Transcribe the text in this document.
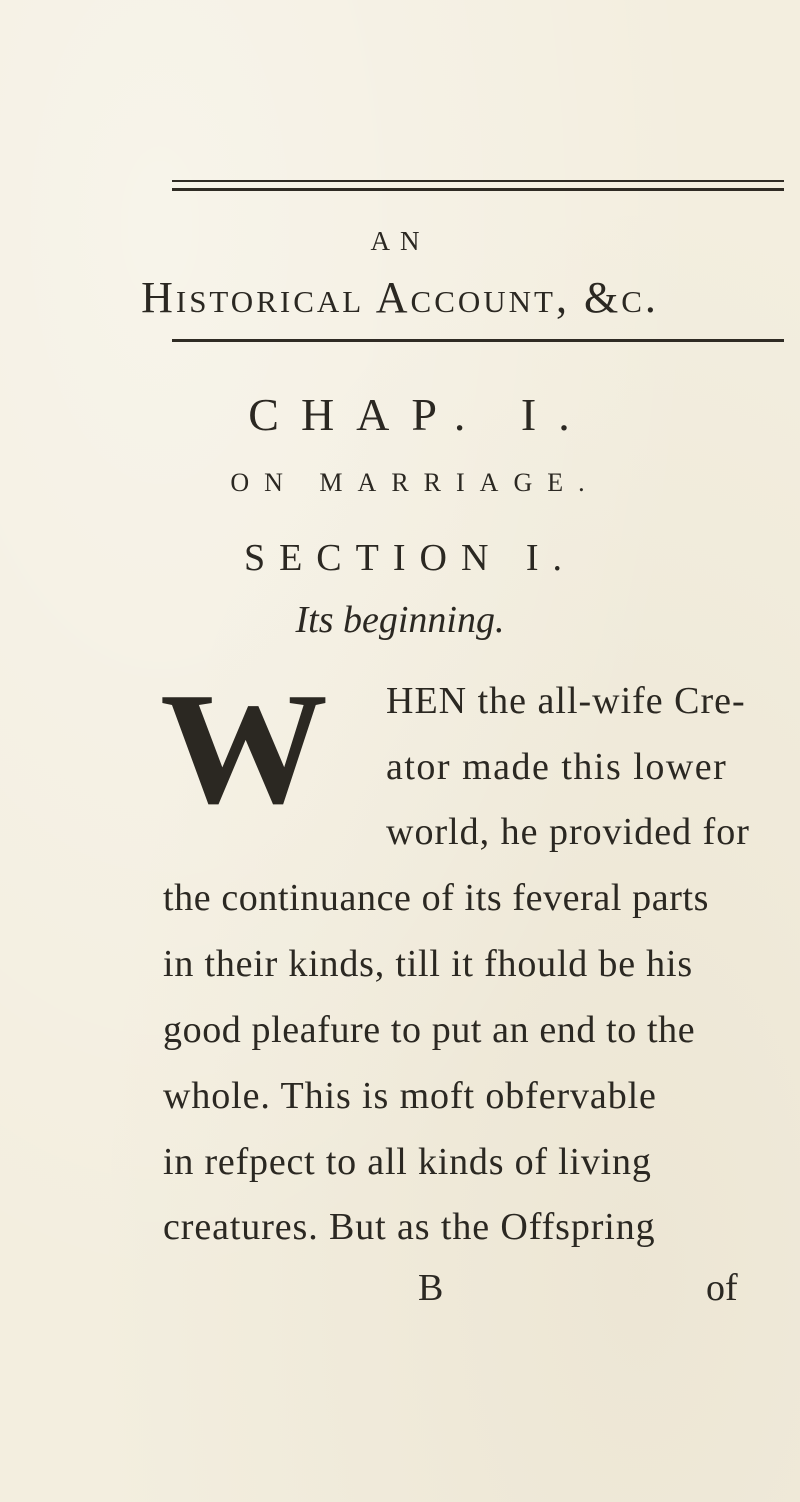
AN
Historical Account, &c.
CHAP. I.
ON MARRIAGE.
SECTION I.
Its beginning.
W HEN the all-wife Cre-
ator made this lower
world, he provided for
the continuance of its feveral parts
in their kinds, till it fhould be his
good pleafure to put an end to the
whole. This is moft obfervable
in refpect to all kinds of living
creatures. But as the Offspring
B	of
